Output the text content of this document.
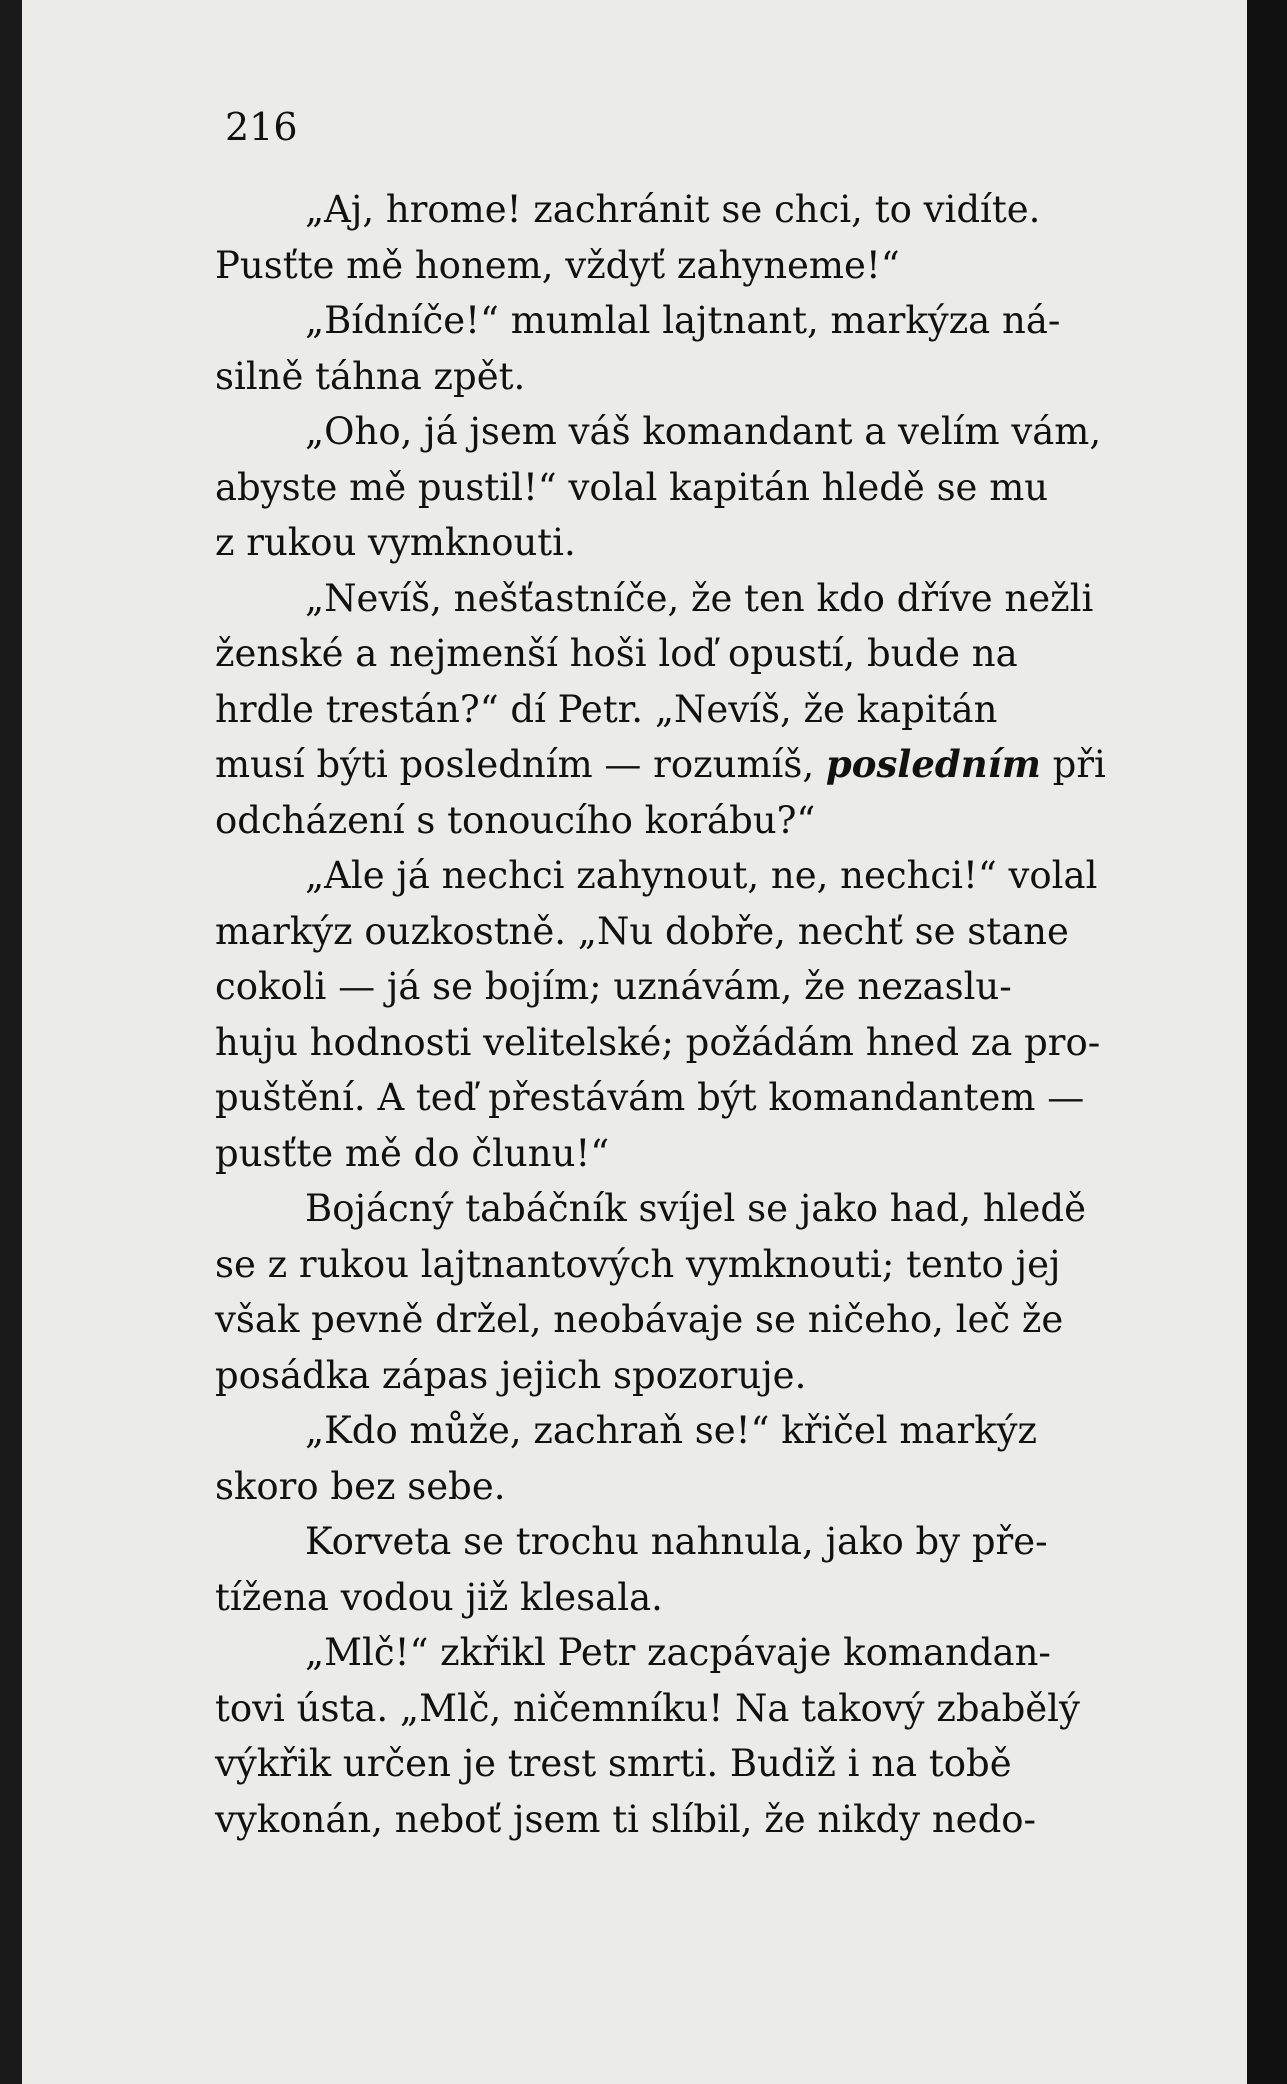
216
„Aj, hrome! zachránit se chci, to vidíte.
Pusťte mě honem, vždyť zahyneme!“
„Bídníče!“ mumlal lajtnant, markýza ná-
silně táhna zpět.
„Oho, já jsem váš komandant a velím vám,
abyste mě pustil!“ volal kapitán hledě se mu
z rukou vymknouti.
„Nevíš, nešťastníče, že ten kdo dříve nežli
ženské a nejmenší hoši loď opustí, bude na
hrdle trestán?“ dí Petr. „Nevíš, že kapitán
musí býti posledním — rozumíš, posledním při
odcházení s tonoucího korábu?“
„Ale já nechci zahynout, ne, nechci!“ volal
markýz ouzkostně. „Nu dobře, nechť se stane
cokoli — já se bojím; uznávám, že nezaslu-
huju hodnosti velitelské; požádám hned za pro-
puštění. A teď přestávám být komandantem —
pusťte mě do člunu!“
Bojácný tabáčník svíjel se jako had, hledě
se z rukou lajtnantových vymknouti; tento jej
však pevně držel, neobávaje se ničeho, leč že
posádka zápas jejich spozoruje.
„Kdo může, zachraň se!“ křičel markýz
skoro bez sebe.
Korveta se trochu nahnula, jako by pře-
tížena vodou již klesala.
„Mlč!“ zkřikl Petr zacpávaje komandan-
tovi ústa. „Mlč, ničemníku! Na takový zbabělý
výkřik určen je trest smrti. Budiž i na tobě
vykonán, neboť jsem ti slíbil, že nikdy nedo-
